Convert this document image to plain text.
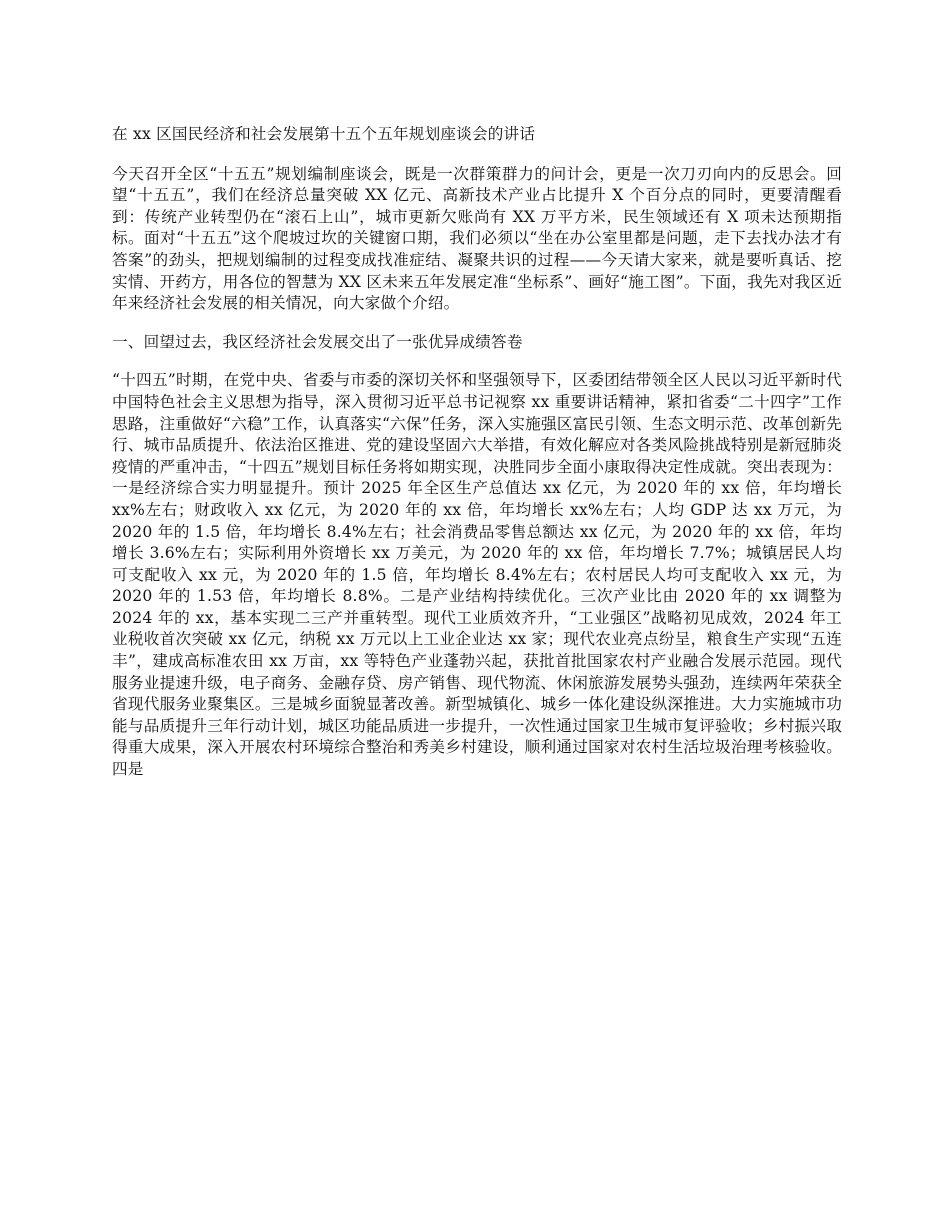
在 xx 区国民经济和社会发展第十五个五年规划座谈会的讲话

今天召开全区“十五五”规划编制座谈会，既是一次群策群力的问计会，更是一次刀刃向内的反思会。回望“十五五”，我们在经济总量突破 XX 亿元、高新技术产业占比提升 X 个百分点的同时，更要清醒看到：传统产业转型仍在“滚石上山”，城市更新欠账尚有 XX 万平方米，民生领域还有 X 项未达预期指标。面对“十五五”这个爬坡过坎的关键窗口期，我们必须以“坐在办公室里都是问题，走下去找办法才有答案”的劲头，把规划编制的过程变成找准症结、凝聚共识的过程——今天请大家来，就是要听真话、挖实情、开药方，用各位的智慧为 XX 区未来五年发展定准“坐标系”、画好“施工图”。下面，我先对我区近年来经济社会发展的相关情况，向大家做个介绍。

一、回望过去，我区经济社会发展交出了一张优异成绩答卷

“十四五”时期，在党中央、省委与市委的深切关怀和坚强领导下，区委团结带领全区人民以习近平新时代中国特色社会主义思想为指导，深入贯彻习近平总书记视察 xx 重要讲话精神，紧扣省委“二十四字”工作思路，注重做好“六稳”工作，认真落实“六保”任务，深入实施强区富民引领、生态文明示范、改革创新先行、城市品质提升、依法治区推进、党的建设坚固六大举措，有效化解应对各类风险挑战特别是新冠肺炎疫情的严重冲击，“十四五”规划目标任务将如期实现，决胜同步全面小康取得决定性成就。突出表现为：一是经济综合实力明显提升。预计 2025 年全区生产总值达 xx 亿元，为 2020 年的 xx 倍，年均增长 xx%左右；财政收入 xx 亿元，为 2020 年的 xx 倍，年均增长 xx%左右；人均 GDP 达 xx 万元，为 2020 年的 1.5 倍，年均增长 8.4%左右；社会消费品零售总额达 xx 亿元，为 2020 年的 xx 倍，年均增长 3.6%左右；实际利用外资增长 xx 万美元，为 2020 年的 xx 倍，年均增长 7.7%；城镇居民人均可支配收入 xx 元，为 2020 年的 1.5 倍，年均增长 8.4%左右；农村居民人均可支配收入 xx 元，为 2020 年的 1.53 倍，年均增长 8.8%。二是产业结构持续优化。三次产业比由 2020 年的 xx 调整为 2024 年的 xx，基本实现二三产并重转型。现代工业质效齐升，“工业强区”战略初见成效，2024 年工业税收首次突破 xx 亿元，纳税 xx 万元以上工业企业达 xx 家；现代农业亮点纷呈，粮食生产实现“五连丰”，建成高标准农田 xx 万亩，xx 等特色产业蓬勃兴起，获批首批国家农村产业融合发展示范园。现代服务业提速升级，电子商务、金融存贷、房产销售、现代物流、休闲旅游发展势头强劲，连续两年荣获全省现代服务业聚集区。三是城乡面貌显著改善。新型城镇化、城乡一体化建设纵深推进。大力实施城市功能与品质提升三年行动计划，城区功能品质进一步提升，一次性通过国家卫生城市复评验收；乡村振兴取得重大成果，深入开展农村环境综合整治和秀美乡村建设，顺利通过国家对农村生活垃圾治理考核验收。四是
